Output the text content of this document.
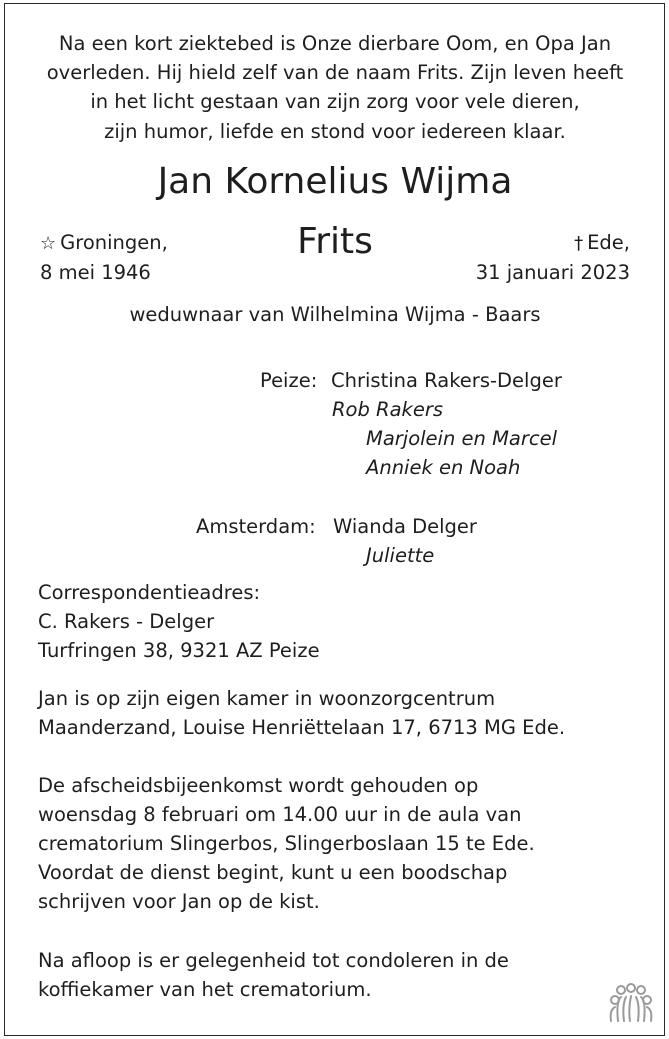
Na een kort ziektebed is Onze dierbare Oom, en Opa Jan
overleden. Hij hield zelf van de naam Frits. Zijn leven heeft
in het licht gestaan van zijn zorg voor vele dieren,
zijn humor, liefde en stond voor iedereen klaar.
Jan Kornelius Wijma
Frits
☆ Groningen,
8 mei 1946
† Ede,
31 januari 2023
weduwnaar van Wilhelmina Wijma - Baars
Peize: Christina Rakers-Delger
Rob Rakers
Marjolein en Marcel
Anniek en Noah
Amsterdam: Wianda Delger
Juliette
Correspondentieadres:
C. Rakers - Delger
Turfringen 38, 9321 AZ Peize
Jan is op zijn eigen kamer in woonzorgcentrum
Maanderzand, Louise Henriëttelaan 17, 6713 MG Ede.
De afscheidsbijeenkomst wordt gehouden op
woensdag 8 februari om 14.00 uur in de aula van
crematorium Slingerbos, Slingerboslaan 15 te Ede.
Voordat de dienst begint, kunt u een boodschap
schrijven voor Jan op de kist.
Na afloop is er gelegenheid tot condoleren in de
koffiekamer van het crematorium.
